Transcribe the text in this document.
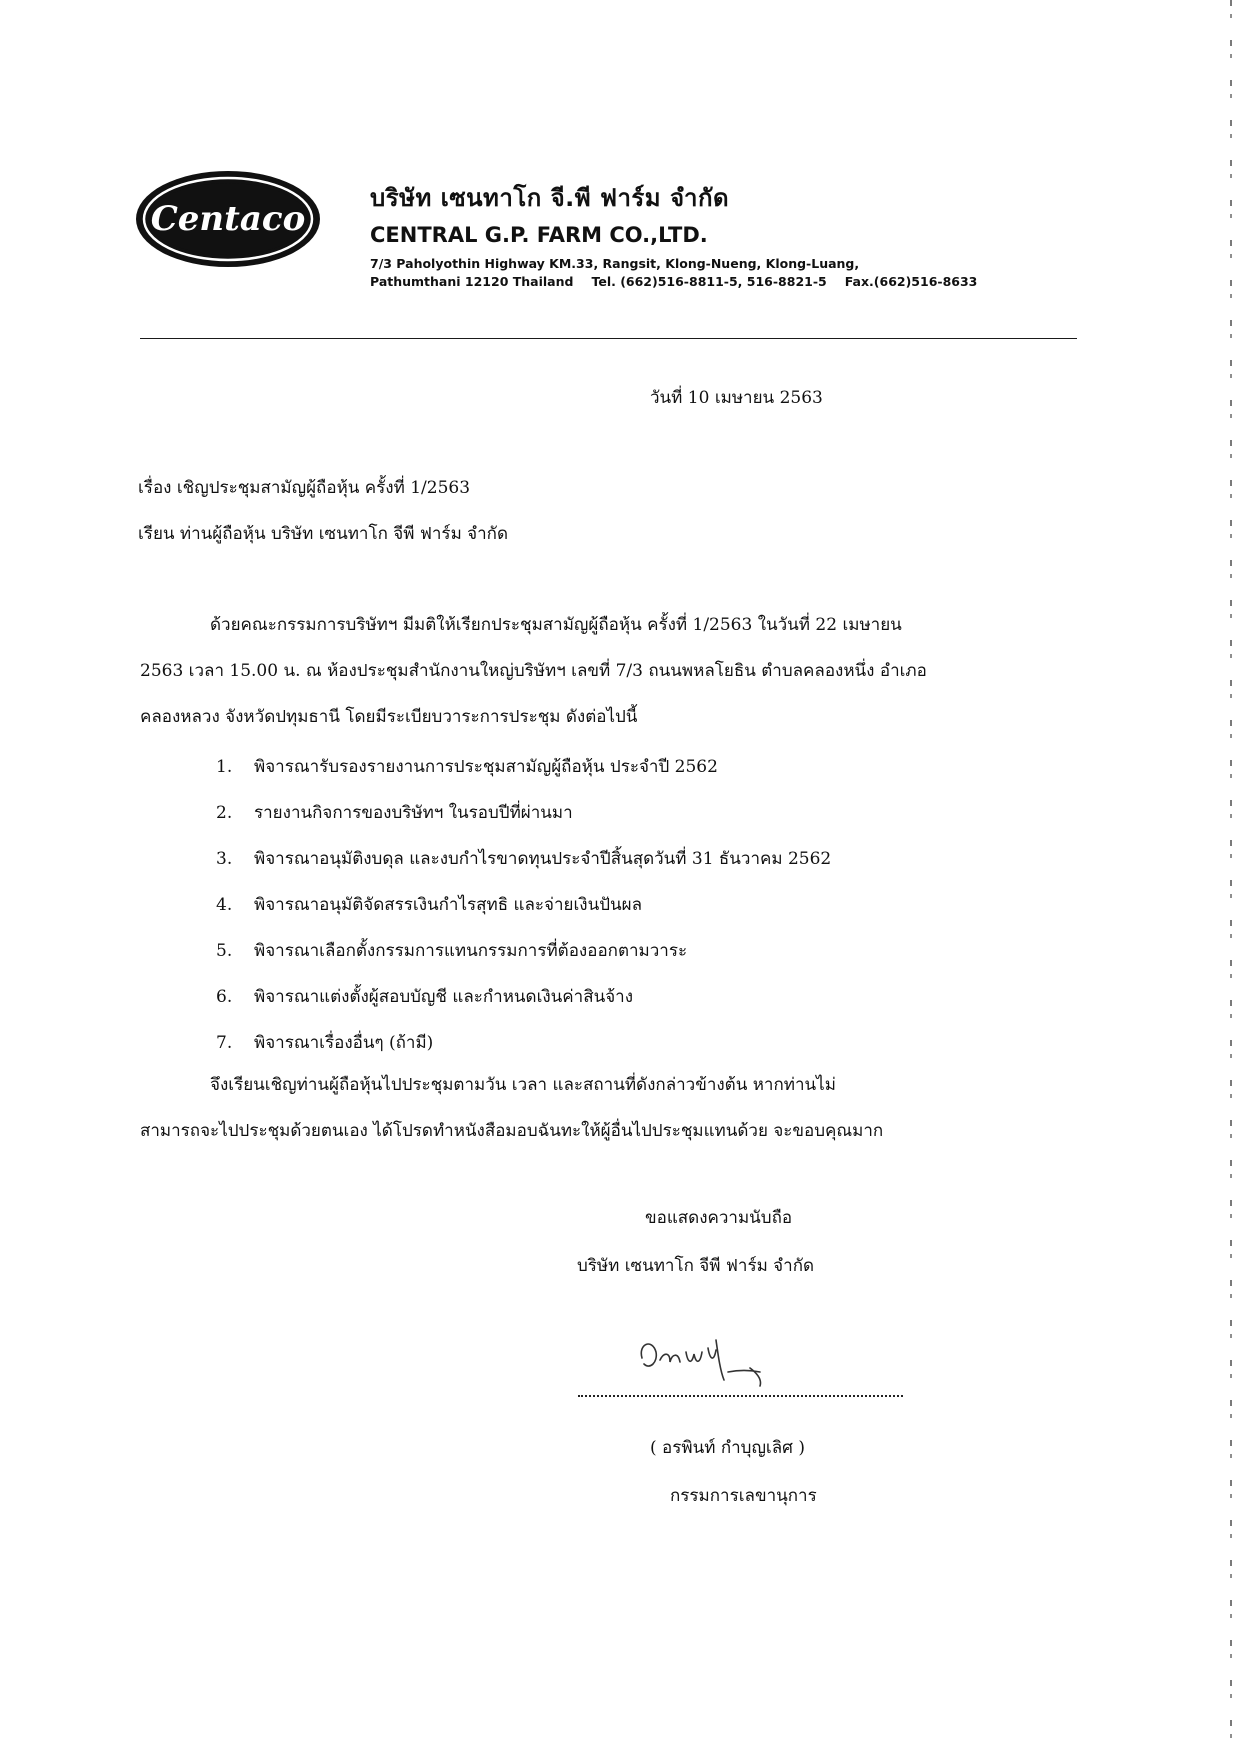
Centaco

บริษัท เซนทาโก จี.พี ฟาร์ม จำกัด

CENTRAL G.P. FARM CO.,LTD.

7/3 Paholyothin Highway KM.33, Rangsit, Klong-Nueng, Klong-Luang,

Pathumthani 12120 Thailand Tel. (662)516-8811-5, 516-8821-5 Fax.(662)516-8633

วันที่ 10 เมษายน 2563
เรื่อง เชิญประชุมสามัญผู้ถือหุ้น ครั้งที่ 1/2563
เรียน ท่านผู้ถือหุ้น บริษัท เซนทาโก จีพี ฟาร์ม จำกัด
ด้วยคณะกรรมการบริษัทฯ มีมติให้เรียกประชุมสามัญผู้ถือหุ้น ครั้งที่ 1/2563 ในวันที่ 22 เมษายน
2563 เวลา 15.00 น. ณ ห้องประชุมสำนักงานใหญ่บริษัทฯ เลขที่ 7/3 ถนนพหลโยธิน ตำบลคลองหนึ่ง อำเภอ
คลองหลวง จังหวัดปทุมธานี โดยมีระเบียบวาระการประชุม ดังต่อไปนี้
1. พิจารณารับรองรายงานการประชุมสามัญผู้ถือหุ้น ประจำปี 2562
2. รายงานกิจการของบริษัทฯ ในรอบปีที่ผ่านมา
3. พิจารณาอนุมัติงบดุล และงบกำไรขาดทุนประจำปีสิ้นสุดวันที่ 31 ธันวาคม 2562
4. พิจารณาอนุมัติจัดสรรเงินกำไรสุทธิ และจ่ายเงินปันผล
5. พิจารณาเลือกตั้งกรรมการแทนกรรมการที่ต้องออกตามวาระ
6. พิจารณาแต่งตั้งผู้สอบบัญชี และกำหนดเงินค่าสินจ้าง
7. พิจารณาเรื่องอื่นๆ (ถ้ามี)
จึงเรียนเชิญท่านผู้ถือหุ้นไปประชุมตามวัน เวลา และสถานที่ดังกล่าวข้างต้น หากท่านไม่
สามารถจะไปประชุมด้วยตนเอง ได้โปรดทำหนังสือมอบฉันทะให้ผู้อื่นไปประชุมแทนด้วย จะขอบคุณมาก
ขอแสดงความนับถือ
บริษัท เซนทาโก จีพี ฟาร์ม จำกัด
( อรพินท์ กำบุญเลิศ )
กรรมการเลขานุการ
